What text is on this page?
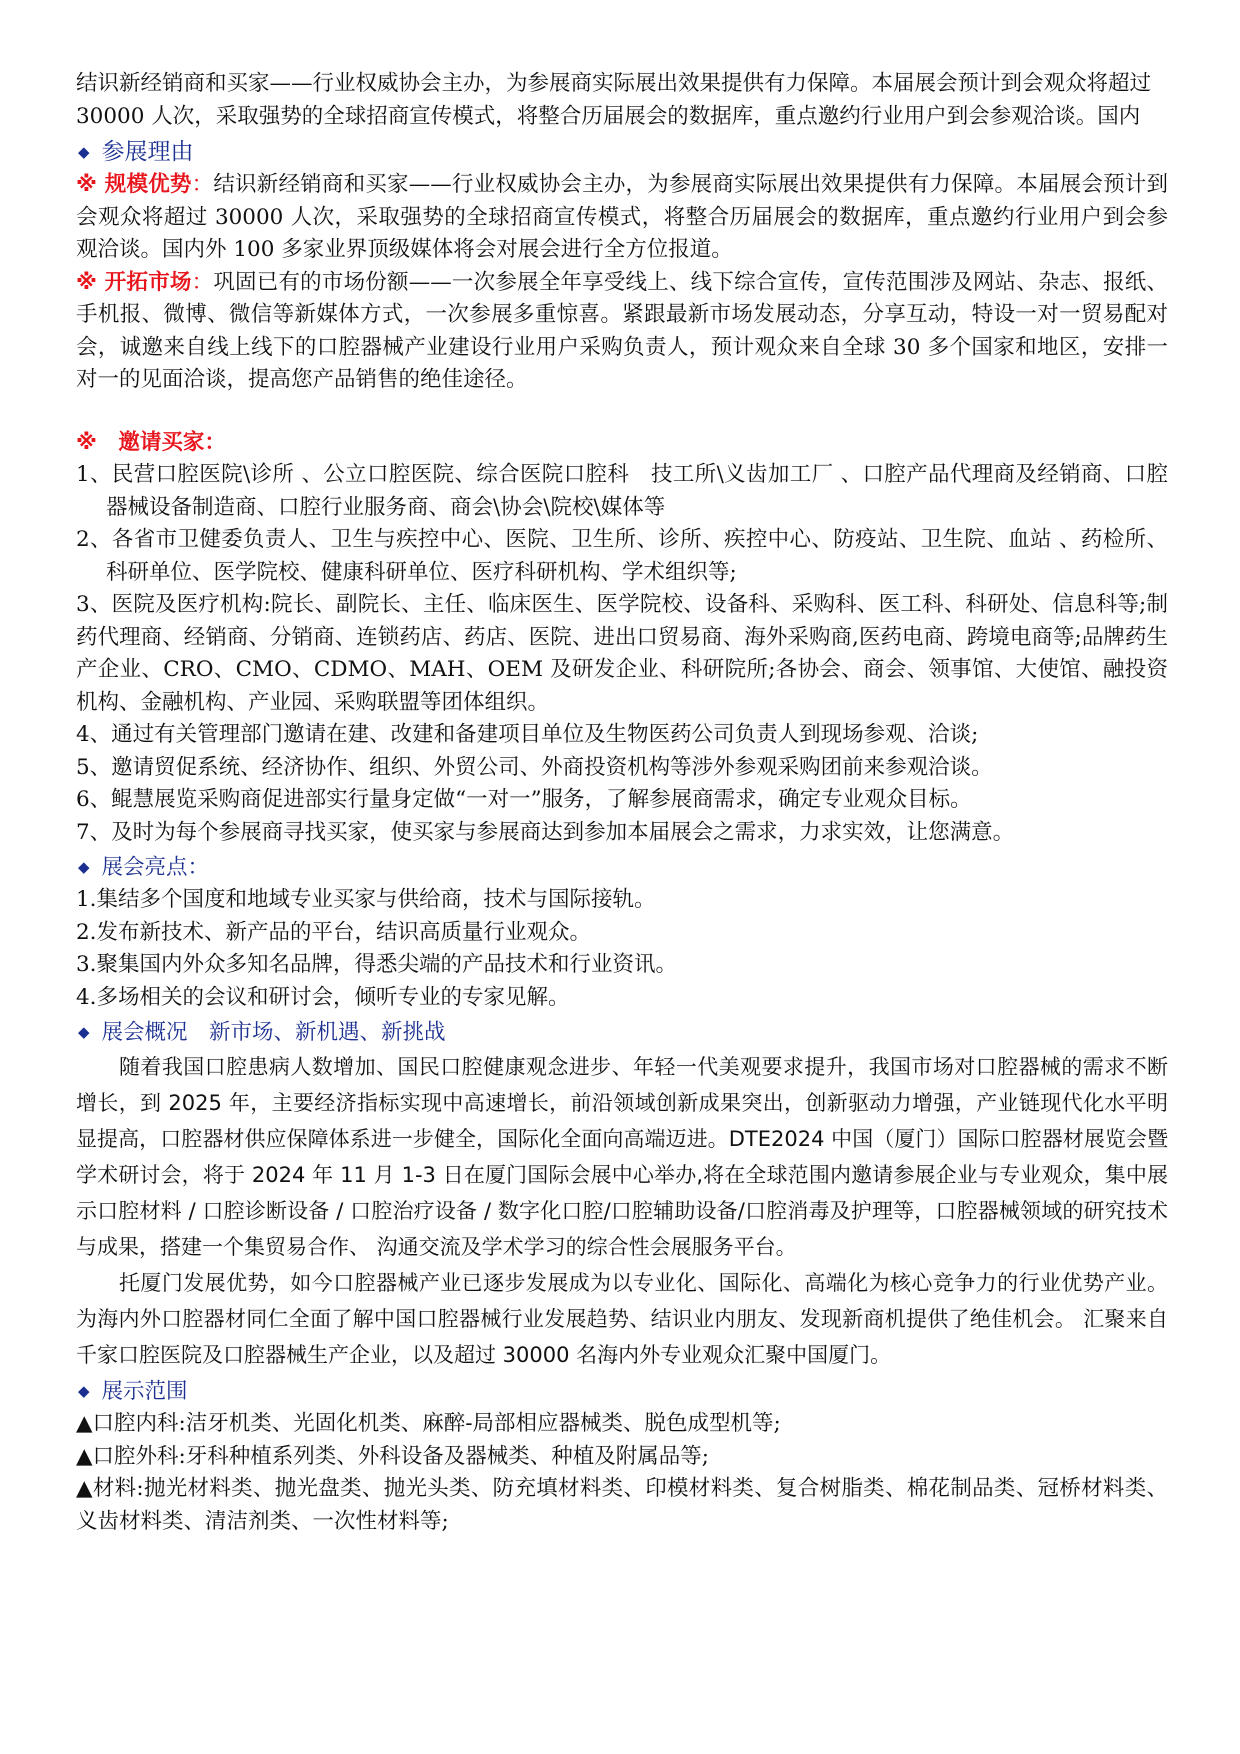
结识新经销商和买家——行业权威协会主办，为参展商实际展出效果提供有力保障。本届展会预计到会观众将超过

30000 人次，采取强势的全球招商宣传模式，将整合历届展会的数据库，重点邀约行业用户到会参观洽谈。国内

◆ 参展理由

※ 规模优势：结识新经销商和买家——行业权威协会主办，为参展商实际展出效果提供有力保障。本届展会预计到会观众将超过 30000 人次，采取强势的全球招商宣传模式，将整合历届展会的数据库，重点邀约行业用户到会参观洽谈。国内外 100 多家业界顶级媒体将会对展会进行全方位报道。

※ 开拓市场：巩固已有的市场份额——一次参展全年享受线上、线下综合宣传，宣传范围涉及网站、杂志、报纸、手机报、微博、微信等新媒体方式，一次参展多重惊喜。紧跟最新市场发展动态，分享互动，特设一对一贸易配对会，诚邀来自线上线下的口腔器械产业建设行业用户采购负责人，预计观众来自全球 30 多个国家和地区，安排一对一的见面洽谈，提高您产品销售的绝佳途径。

※　邀请买家：

1、民营口腔医院\诊所 、公立口腔医院、综合医院口腔科　技工所\义齿加工厂 、口腔产品代理商及经销商、口腔器械设备制造商、口腔行业服务商、商会\协会\院校\媒体等

2、各省市卫健委负责人、卫生与疾控中心、医院、卫生所、诊所、疾控中心、防疫站、卫生院、血站 、药检所、科研单位、医学院校、健康科研单位、医疗科研机构、学术组织等;

3、医院及医疗机构:院长、副院长、主任、临床医生、医学院校、设备科、采购科、医工科、科研处、信息科等;制药代理商、经销商、分销商、连锁药店、药店、医院、进出口贸易商、海外采购商,医药电商、跨境电商等;品牌药生产企业、CRO、CMO、CDMO、MAH、OEM 及研发企业、科研院所;各协会、商会、领事馆、大使馆、融投资机构、金融机构、产业园、采购联盟等团体组织。

4、通过有关管理部门邀请在建、改建和备建项目单位及生物医药公司负责人到现场参观、洽谈;

5、邀请贸促系统、经济协作、组织、外贸公司、外商投资机构等涉外参观采购团前来参观洽谈。

6、鲲慧展览采购商促进部实行量身定做“一对一”服务，了解参展商需求，确定专业观众目标。

7、及时为每个参展商寻找买家，使买家与参展商达到参加本届展会之需求，力求实效，让您满意。

◆ 展会亮点：

1.集结多个国度和地域专业买家与供给商，技术与国际接轨。

2.发布新技术、新产品的平台，结识高质量行业观众。

3.聚集国内外众多知名品牌，得悉尖端的产品技术和行业资讯。

4.多场相关的会议和研讨会，倾听专业的专家见解。

◆ 展会概况　新市场、新机遇、新挑战

随着我国口腔患病人数增加、国民口腔健康观念进步、年轻一代美观要求提升，我国市场对口腔器械的需求不断增长，到 2025 年，主要经济指标实现中高速增长，前沿领域创新成果突出，创新驱动力增强，产业链现代化水平明显提高，口腔器材供应保障体系进一步健全，国际化全面向高端迈进。DTE2024 中国（厦门）国际口腔器材展览会暨学术研讨会，将于 2024 年 11 月 1-3 日在厦门国际会展中心举办,将在全球范围内邀请参展企业与专业观众，集中展示口腔材料 / 口腔诊断设备 / 口腔治疗设备 / 数字化口腔/口腔辅助设备/口腔消毒及护理等，口腔器械领域的研究技术与成果，搭建一个集贸易合作、 沟通交流及学术学习的综合性会展服务平台。

托厦门发展优势，如今口腔器械产业已逐步发展成为以专业化、国际化、高端化为核心竞争力的行业优势产业。 为海内外口腔器材同仁全面了解中国口腔器械行业发展趋势、结识业内朋友、发现新商机提供了绝佳机会。 汇聚来自千家口腔医院及口腔器械生产企业，以及超过 30000 名海内外专业观众汇聚中国厦门。

◆ 展示范围

▲口腔内科:洁牙机类、光固化机类、麻醉-局部相应器械类、脱色成型机等;

▲口腔外科:牙科种植系列类、外科设备及器械类、种植及附属品等;

▲材料:抛光材料类、抛光盘类、抛光头类、防充填材料类、印模材料类、复合树脂类、棉花制品类、冠桥材料类、义齿材料类、清洁剂类、一次性材料等;
